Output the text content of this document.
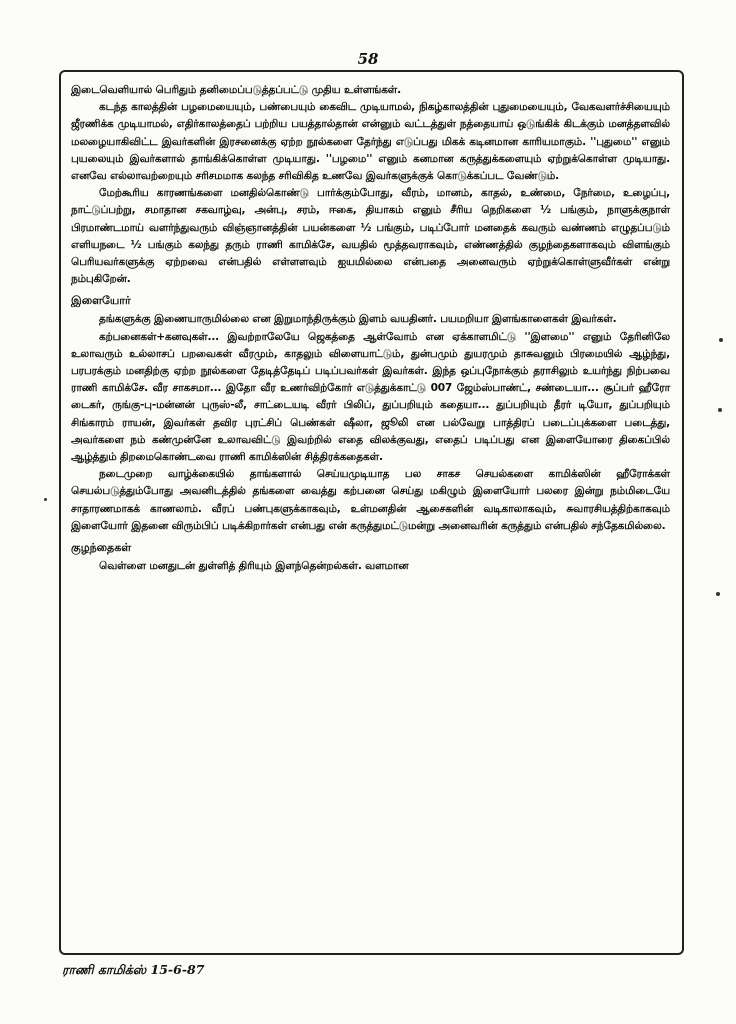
58

இடைவெளியால் பெரிதும் தனிமைப்படுத்தப்பட்டு முதிய உள்ளங்கள்.

கடந்த காலத்தின் பழமையையும், பண்பையும் கைவிட முடியாமல், நிகழ்காலத்தின் புதுமையையும், வேகவளர்ச்சியையும் ஜீரணிக்க முடியாமல், எதிர்காலத்தைப் பற்றிய பயத்தால்தான் என்னும் வட்டத்துள் நத்தையாய் ஒடுங்கிக் கிடக்கும் மனத்தளவில் மலழையாகிவிட்ட இவர்களின் இரசனைக்கு ஏற்ற நூல்களை தேர்ந்து எடுப்பது மிகக் கடினமான காரியமாகும். ''புதுமை'' எனும் புயலையும் இவர்களால் தாங்கிக்கொள்ள முடியாது. ''பழமை'' எனும் கனமான கருத்துக்களையும் ஏற்றுக்கொள்ள முடியாது. எனவே எல்லாவற்றையும் சரிசமமாக கலந்த சரிவிகித உணவே இவர்களுக்குக் கொடுக்கப்பட வேண்டும்.

மேற்கூரிய காரணங்களை மனதில்கொண்டு பார்க்கும்போது, வீரம், மானம், காதல், உண்மை, நேர்மை, உழைப்பு, நாட்டுப்பற்று, சமாதான சகவாழ்வு, அன்பு, சரம், ஈகை, தியாகம் எனும் சீரிய நெறிகளை ½ பங்கும், நாளுக்குநாள் பிரமாண்டமாய் வளர்ந்துவரும் விஞ்ஞானத்தின் பயன்களை ½ பங்கும், படிப்போர் மனதைக் கவரும் வண்ணம் எழுதப்படும் எளியநடை ½ பங்கும் கலந்து தரும் ராணி காமிக்சே, வயதில் மூத்தவராகவும், எண்ணத்தில் குழந்தைகளாகவும் விளங்கும் பெரியவர்களுக்கு ஏற்றவை என்பதில் எள்ளளவும் ஐயமில்லை என்பதை அனைவரும் ஏற்றுக்கொள்ளுவீர்கள் என்று நம்புகிறேன்.

இளையோர்

தங்களுக்கு இணையாருமில்லை என இறுமாந்திருக்கும் இளம் வயதினர். பயமறியா இளங்காளைகள் இவர்கள்.

கற்பனைகள்+கனவுகள்... இவற்றாலேயே ஜெகத்தை ஆள்வோம் என ஏக்காளமிட்டு ''இளமை'' எனும் தேரினிலே உலாவரும் உல்லாசப் பறவைகள் வீரமும், காதலும் விளையாட்டும், துன்பமும் துயரமும் தாசுவனும் பிரமையில் ஆழ்ந்து, பரபரக்கும் மனதிற்கு ஏற்ற நூல்களை தேடித்தேடிப் படிப்பவர்கள் இவர்கள். இந்த ஒப்புநோக்கும் தராசிலும் உயர்ந்து நிற்பவை ராணி காமிக்சே. வீர சாகசமா... இதோ வீர உணர்விற்கோர் எடுத்துக்காட்டு 007 ஜேம்ஸ்பாண்ட், சண்டையா... சூப்பர் ஹீரோ டைகர், ருங்கு-பு-மன்னன் புருஸ்-லீ, சாட்டையடி வீரர் பிலிப், துப்பறியும் கதையா... துப்பறியும் தீரர் டியோ, துப்பறியும் சிங்காரம் ராயன், இவர்கள் தவிர புரட்சிப் பெண்கள் ஷீலா, ஜூலி என பல்வேறு பாத்திரப் படைப்புக்களை படைத்து, அவர்களை நம் கண்முன்னே உலாவவிட்டு இவற்றில் எதை விலக்குவது, எதைப் படிப்பது என இளையோரை திகைப்பில் ஆழ்த்தும் திறமைகொண்டவை ராணி காமிக்ஸின் சித்திரக்கதைகள்.

நடைமுறை வாழ்க்கையில் தாங்களால் செய்யமுடியாத பல சாகச செயல்களை காமிக்ஸின் ஹீரோக்கள் செயல்படுத்தும்போது அவனிடத்தில் தங்களை வைத்து கற்பனை செய்து மகிழும் இளையோர் பலரை இன்று நம்மிடையே சாதாரணமாகக் காணலாம். வீரப் பண்புகளுக்காகவும், உள்மனதின் ஆசைகளின் வடிகாலாகவும், சுவாரசியத்திற்காகவும் இளையோர் இதனை விரும்பிப் படிக்கிறார்கள் என்பது என் கருத்துமட்டுமன்று அனைவரின் கருத்தும் என்பதில் சந்தேகமில்லை.

குழந்தைகள்

வெள்ளை மனதுடன் துள்ளித் திரியும் இளந்தென்றல்கள். வளமான

ராணி காமிக்ஸ் 15-6-87
